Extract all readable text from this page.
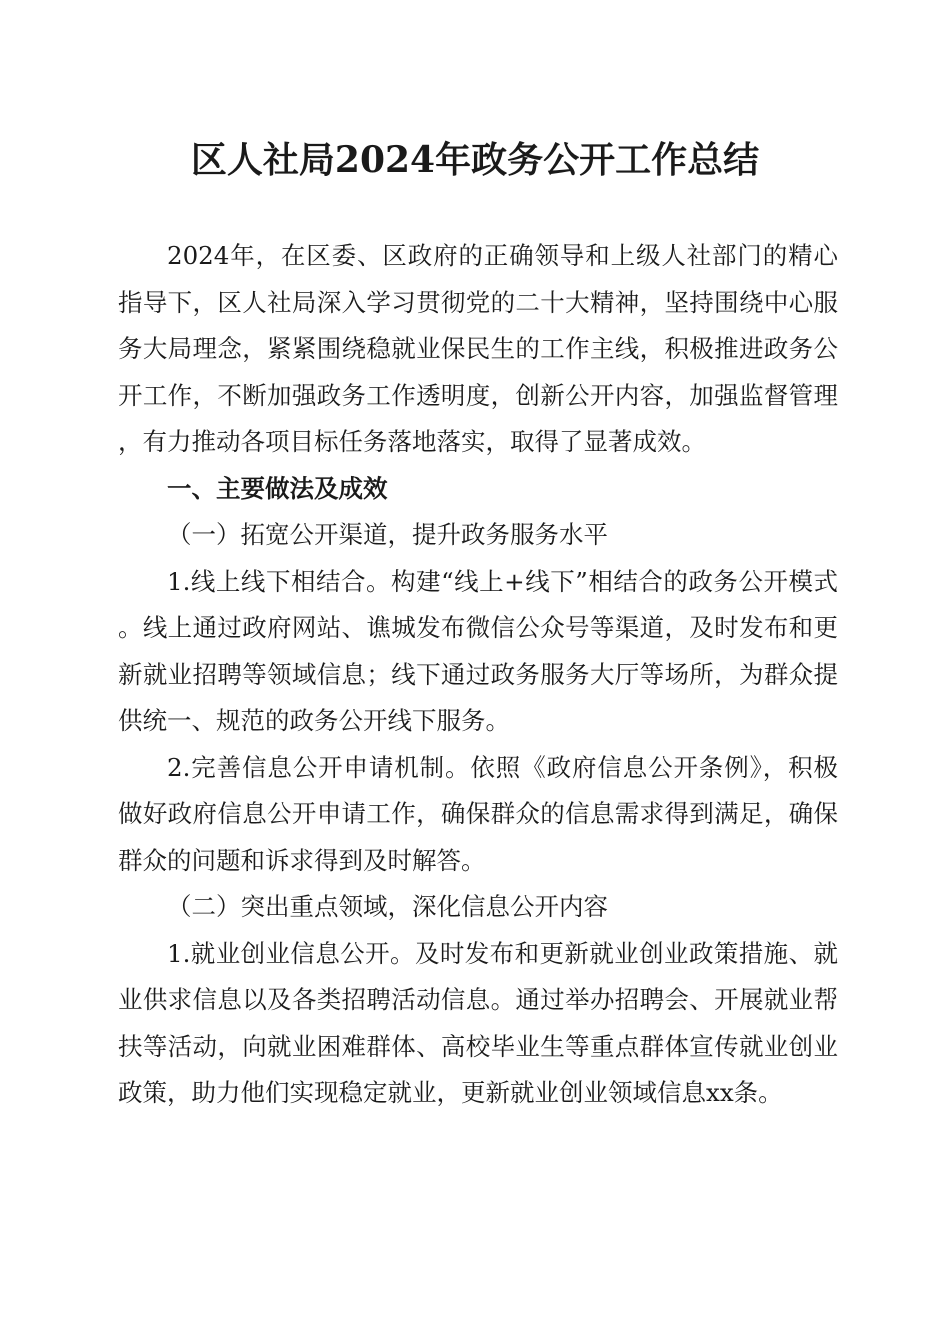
区人社局2024年政务公开工作总结

2024年，在区委、区政府的正确领导和上级人社部门的精心指导下，区人社局深入学习贯彻党的二十大精神，坚持围绕中心服务大局理念，紧紧围绕稳就业保民生的工作主线，积极推进政务公开工作，不断加强政务工作透明度，创新公开内容，加强监督管理，有力推动各项目标任务落地落实，取得了显著成效。

一、主要做法及成效

（一）拓宽公开渠道，提升政务服务水平

1.线上线下相结合。构建“线上+线下”相结合的政务公开模式。线上通过政府网站、谯城发布微信公众号等渠道，及时发布和更新就业招聘等领域信息；线下通过政务服务大厅等场所，为群众提供统一、规范的政务公开线下服务。

2.完善信息公开申请机制。依照《政府信息公开条例》，积极做好政府信息公开申请工作，确保群众的信息需求得到满足，确保群众的问题和诉求得到及时解答。

（二）突出重点领域，深化信息公开内容

1.就业创业信息公开。及时发布和更新就业创业政策措施、就业供求信息以及各类招聘活动信息。通过举办招聘会、开展就业帮扶等活动，向就业困难群体、高校毕业生等重点群体宣传就业创业政策，助力他们实现稳定就业，更新就业创业领域信息xx条。
